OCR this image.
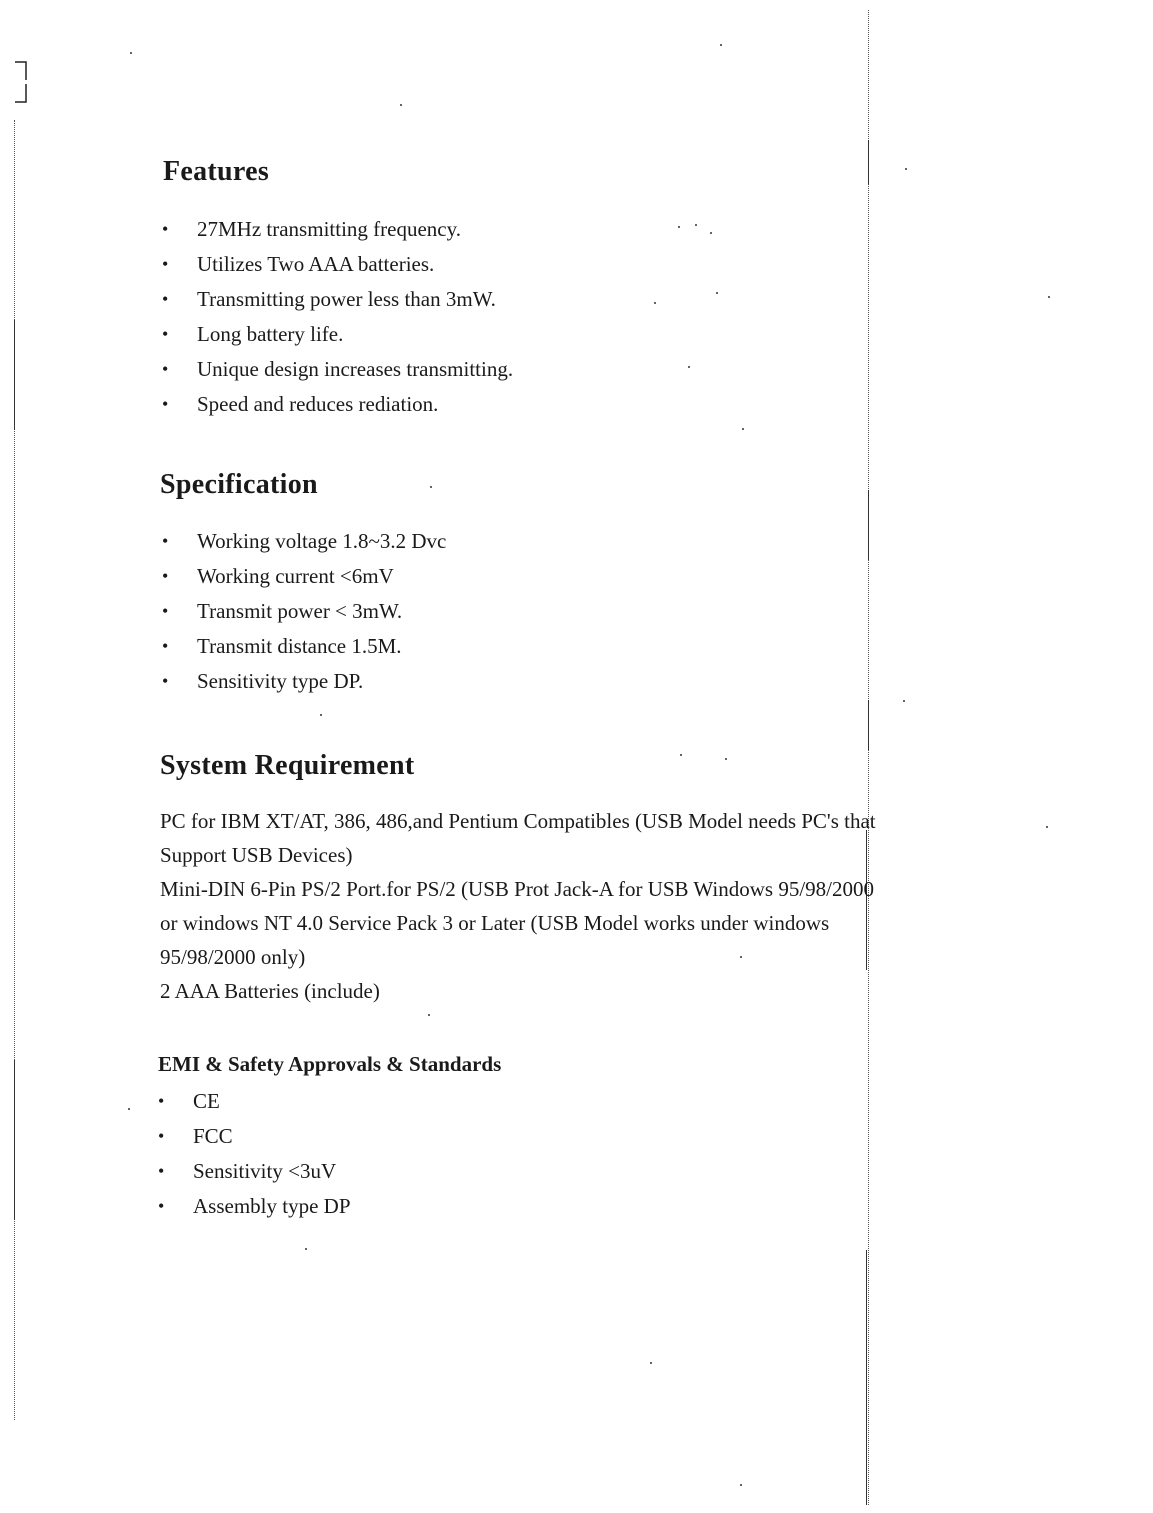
Features
• 27MHz transmitting frequency.
• Utilizes Two AAA batteries.
• Transmitting power less than 3mW.
• Long battery life.
• Unique design increases transmitting.
• Speed and reduces rediation.
Specification
• Working voltage 1.8~3.2 Dvc
• Working current <6mV
• Transmit power < 3mW.
• Transmit distance 1.5M.
• Sensitivity type DP.
System Requirement

PC for IBM XT/AT, 386, 486,and Pentium Compatibles (USB Model needs PC's that

Support USB Devices)

Mini-DIN 6-Pin PS/2 Port.for PS/2 (USB Prot Jack-A for USB Windows 95/98/2000

or windows NT 4.0 Service Pack 3 or Later (USB Model works under windows

95/98/2000 only)

2 AAA Batteries (include)

EMI & Safety Approvals & Standards
• CE
• FCC
• Sensitivity <3uV
• Assembly type DP
